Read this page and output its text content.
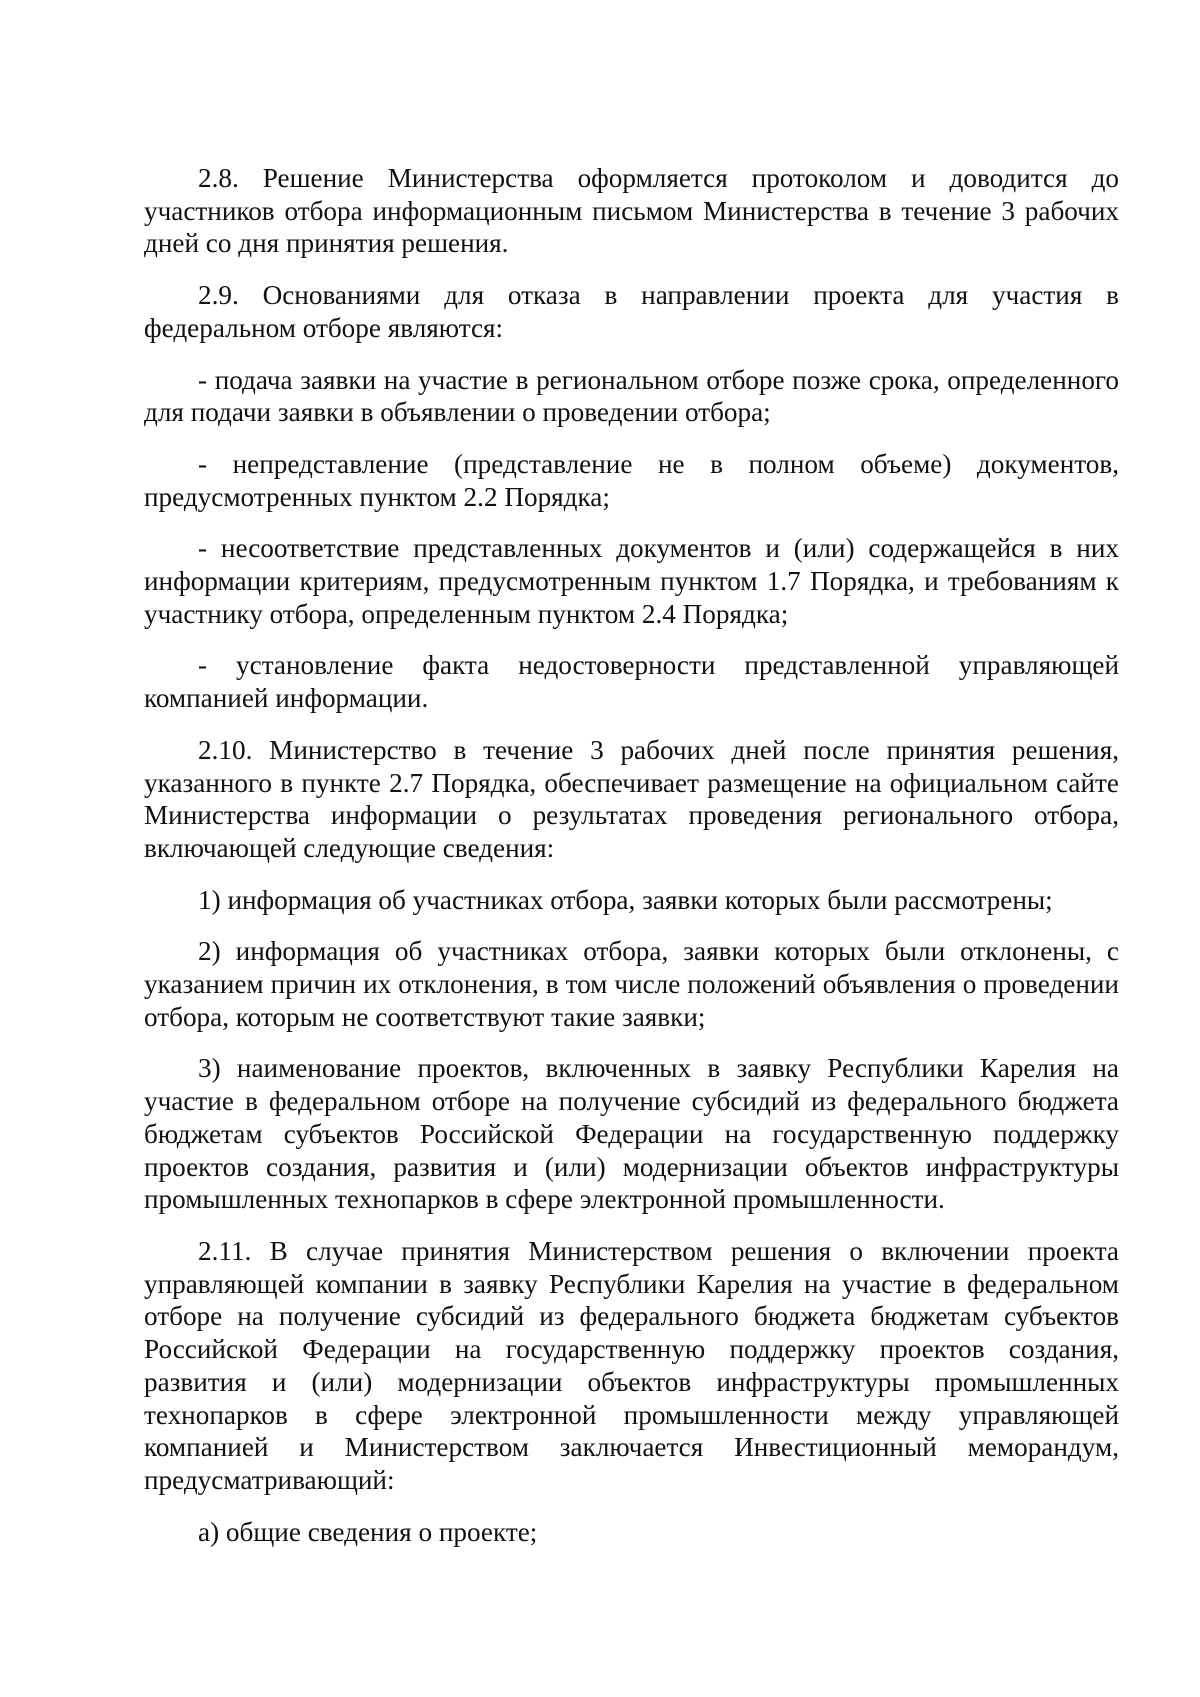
2.8. Решение Министерства оформляется протоколом и доводится до участников отбора информационным письмом Министерства в течение 3 рабочих дней со дня принятия решения.

2.9. Основаниями для отказа в направлении проекта для участия в федеральном отборе являются:

- подача заявки на участие в региональном отборе позже срока, определенного для подачи заявки в объявлении о проведении отбора;

- непредставление (представление не в полном объеме) документов, предусмотренных пунктом 2.2 Порядка;

- несоответствие представленных документов и (или) содержащейся в них информации критериям, предусмотренным пунктом 1.7 Порядка, и требованиям к участнику отбора, определенным пунктом 2.4 Порядка;

- установление факта недостоверности представленной управляющей компанией информации.

2.10. Министерство в течение 3 рабочих дней после принятия решения, указанного в пункте 2.7 Порядка, обеспечивает размещение на официальном сайте Министерства информации о результатах проведения регионального отбора, включающей следующие сведения:

1) информация об участниках отбора, заявки которых были рассмотрены;

2) информация об участниках отбора, заявки которых были отклонены, с указанием причин их отклонения, в том числе положений объявления о проведении отбора, которым не соответствуют такие заявки;

3) наименование проектов, включенных в заявку Республики Карелия на участие в федеральном отборе на получение субсидий из федерального бюджета бюджетам субъектов Российской Федерации на государственную поддержку проектов создания, развития и (или) модернизации объектов инфраструктуры промышленных технопарков в сфере электронной промышленности.

2.11. В случае принятия Министерством решения о включении проекта управляющей компании в заявку Республики Карелия на участие в федеральном отборе на получение субсидий из федерального бюджета бюджетам субъектов Российской Федерации на государственную поддержку проектов создания, развития и (или) модернизации объектов инфраструктуры промышленных технопарков в сфере электронной промышленности между управляющей компанией и Министерством заключается Инвестиционный меморандум, предусматривающий:

а) общие сведения о проекте;
